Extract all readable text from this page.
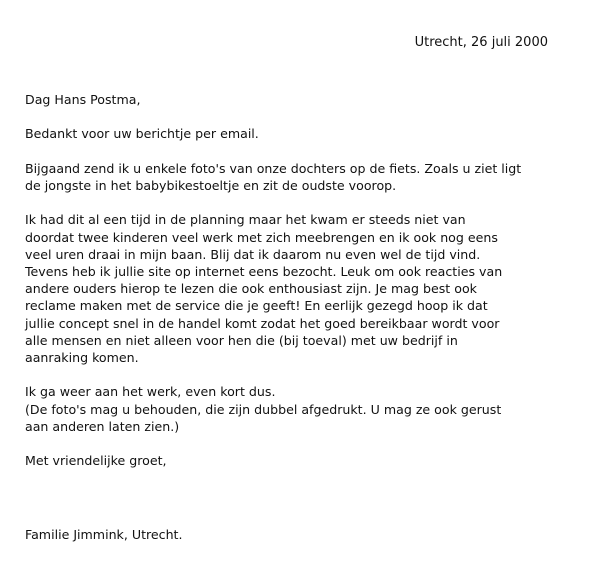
Utrecht, 26 juli 2000

Dag Hans Postma,

Bedankt voor uw berichtje per email.

Bijgaand zend ik u enkele foto's van onze dochters op de fiets. Zoals u ziet ligt
de jongste in het babybikestoeltje en zit de oudste voorop.

Ik had dit al een tijd in de planning maar het kwam er steeds niet van
doordat twee kinderen veel werk met zich meebrengen en ik ook nog eens
veel uren draai in mijn baan. Blij dat ik daarom nu even wel de tijd vind.
Tevens heb ik jullie site op internet eens bezocht. Leuk om ook reacties van
andere ouders hierop te lezen die ook enthousiast zijn. Je mag best ook
reclame maken met de service die je geeft! En eerlijk gezegd hoop ik dat
jullie concept snel in de handel komt zodat het goed bereikbaar wordt voor
alle mensen en niet alleen voor hen die (bij toeval) met uw bedrijf in
aanraking komen.

Ik ga weer aan het werk, even kort dus.
(De foto's mag u behouden, die zijn dubbel afgedrukt. U mag ze ook gerust
aan anderen laten zien.)

Met vriendelijke groet,

Familie Jimmink, Utrecht.
